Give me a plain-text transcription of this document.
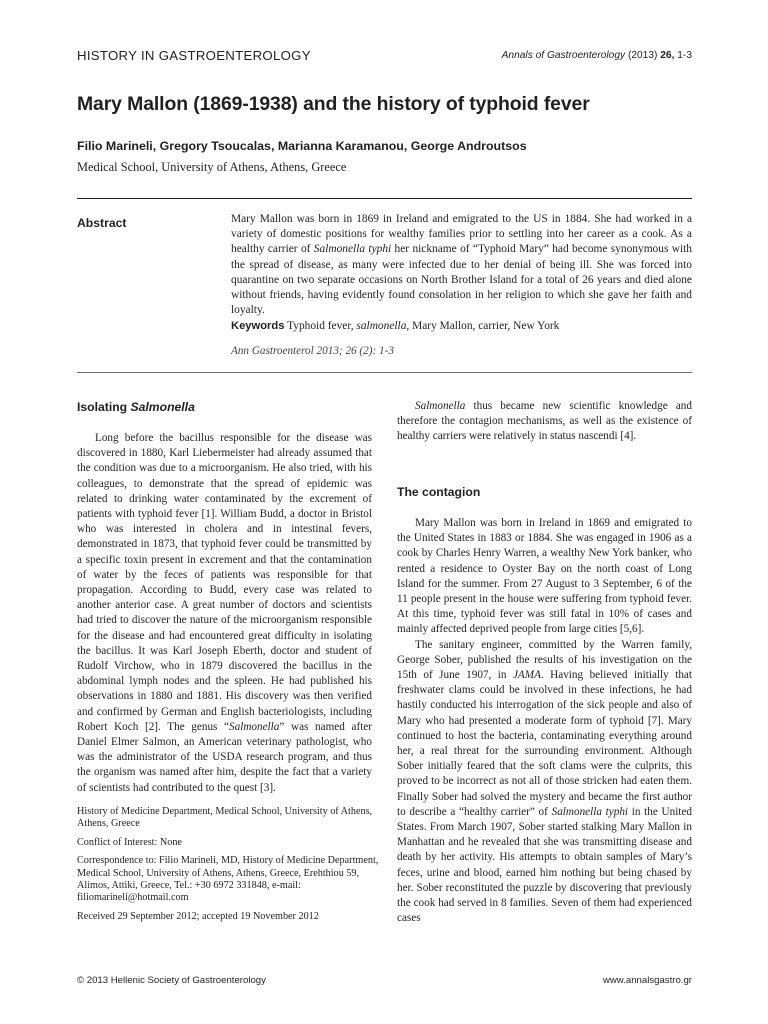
HISTORY IN GASTROENTEROLOGY	Annals of Gastroenterology (2013) 26, 1-3
Mary Mallon (1869-1938) and the history of typhoid fever
Filio Marineli, Gregory Tsoucalas, Marianna Karamanou, George Androutsos
Medical School, University of Athens, Athens, Greece
Abstract	Mary Mallon was born in 1869 in Ireland and emigrated to the US in 1884. She had worked in a variety of domestic positions for wealthy families prior to settling into her career as a cook. As a healthy carrier of Salmonella typhi her nickname of “Typhoid Mary” had become synonymous with the spread of disease, as many were infected due to her denial of being ill. She was forced into quarantine on two separate occasions on North Brother Island for a total of 26 years and died alone without friends, having evidently found consolation in her religion to which she gave her faith and loyalty.

Keywords Typhoid fever, salmonella, Mary Mallon, carrier, New York
Ann Gastroenterol 2013; 26 (2): 1-3
Isolating Salmonella

Long before the bacillus responsible for the disease was discovered in 1880, Karl Liebermeister had already assumed that the condition was due to a microorganism. He also tried, with his colleagues, to demonstrate that the spread of epidemic was related to drinking water contaminated by the excrement of patients with typhoid fever [1]. William Budd, a doctor in Bristol who was interested in cholera and in intestinal fevers, demonstrated in 1873, that typhoid fever could be transmitted by a specific toxin present in excrement and that the contamination of water by the feces of patients was responsible for that propagation. According to Budd, every case was related to another anterior case. A great number of doctors and scientists had tried to discover the nature of the microorganism responsible for the disease and had encountered great difficulty in isolating the bacillus. It was Karl Joseph Eberth, doctor and student of Rudolf Virchow, who in 1879 discovered the bacillus in the abdominal lymph nodes and the spleen. He had published his observations in 1880 and 1881. His discovery was then verified and confirmed by German and English bacteriologists, including Robert Koch [2]. The genus “Salmonella” was named after Daniel Elmer Salmon, an American veterinary pathologist, who was the administrator of the USDA research program, and thus the organism was named after him, despite the fact that a variety of scientists had contributed to the quest [3].

History of Medicine Department, Medical School, University of Athens, Athens, Greece

Conflict of Interest: None

Correspondence to: Filio Marineli, MD, History of Medicine Department, Medical School, University of Athens, Athens, Greece, Erehthiou 59, Alimos, Attiki, Greece, Tel.: +30 6972 331848, e-mail: filiomarineli@hotmail.com

Received 29 September 2012; accepted 19 November 2012

Salmonella thus became new scientific knowledge and therefore the contagion mechanisms, as well as the existence of healthy carriers were relatively in status nascendi [4].

The contagion

Mary Mallon was born in Ireland in 1869 and emigrated to the United States in 1883 or 1884. She was engaged in 1906 as a cook by Charles Henry Warren, a wealthy New York banker, who rented a residence to Oyster Bay on the north coast of Long Island for the summer. From 27 August to 3 September, 6 of the 11 people present in the house were suffering from typhoid fever. At this time, typhoid fever was still fatal in 10% of cases and mainly affected deprived people from large cities [5,6].

The sanitary engineer, committed by the Warren family, George Sober, published the results of his investigation on the 15th of June 1907, in JAMA. Having believed initially that freshwater clams could be involved in these infections, he had hastily conducted his interrogation of the sick people and also of Mary who had presented a moderate form of typhoid [7]. Mary continued to host the bacteria, contaminating everything around her, a real threat for the surrounding environment. Although Sober initially feared that the soft clams were the culprits, this proved to be incorrect as not all of those stricken had eaten them. Finally Sober had solved the mystery and became the first author to describe a “healthy carrier” of Salmonella typhi in the United States. From March 1907, Sober started stalking Mary Mallon in Manhattan and he revealed that she was transmitting disease and death by her activity. His attempts to obtain samples of Mary’s feces, urine and blood, earned him nothing but being chased by her. Sober reconstituted the puzzle by discovering that previously the cook had served in 8 families. Seven of them had experienced cases

© 2013 Hellenic Society of Gastroenterology	www.annalsgastro.gr
